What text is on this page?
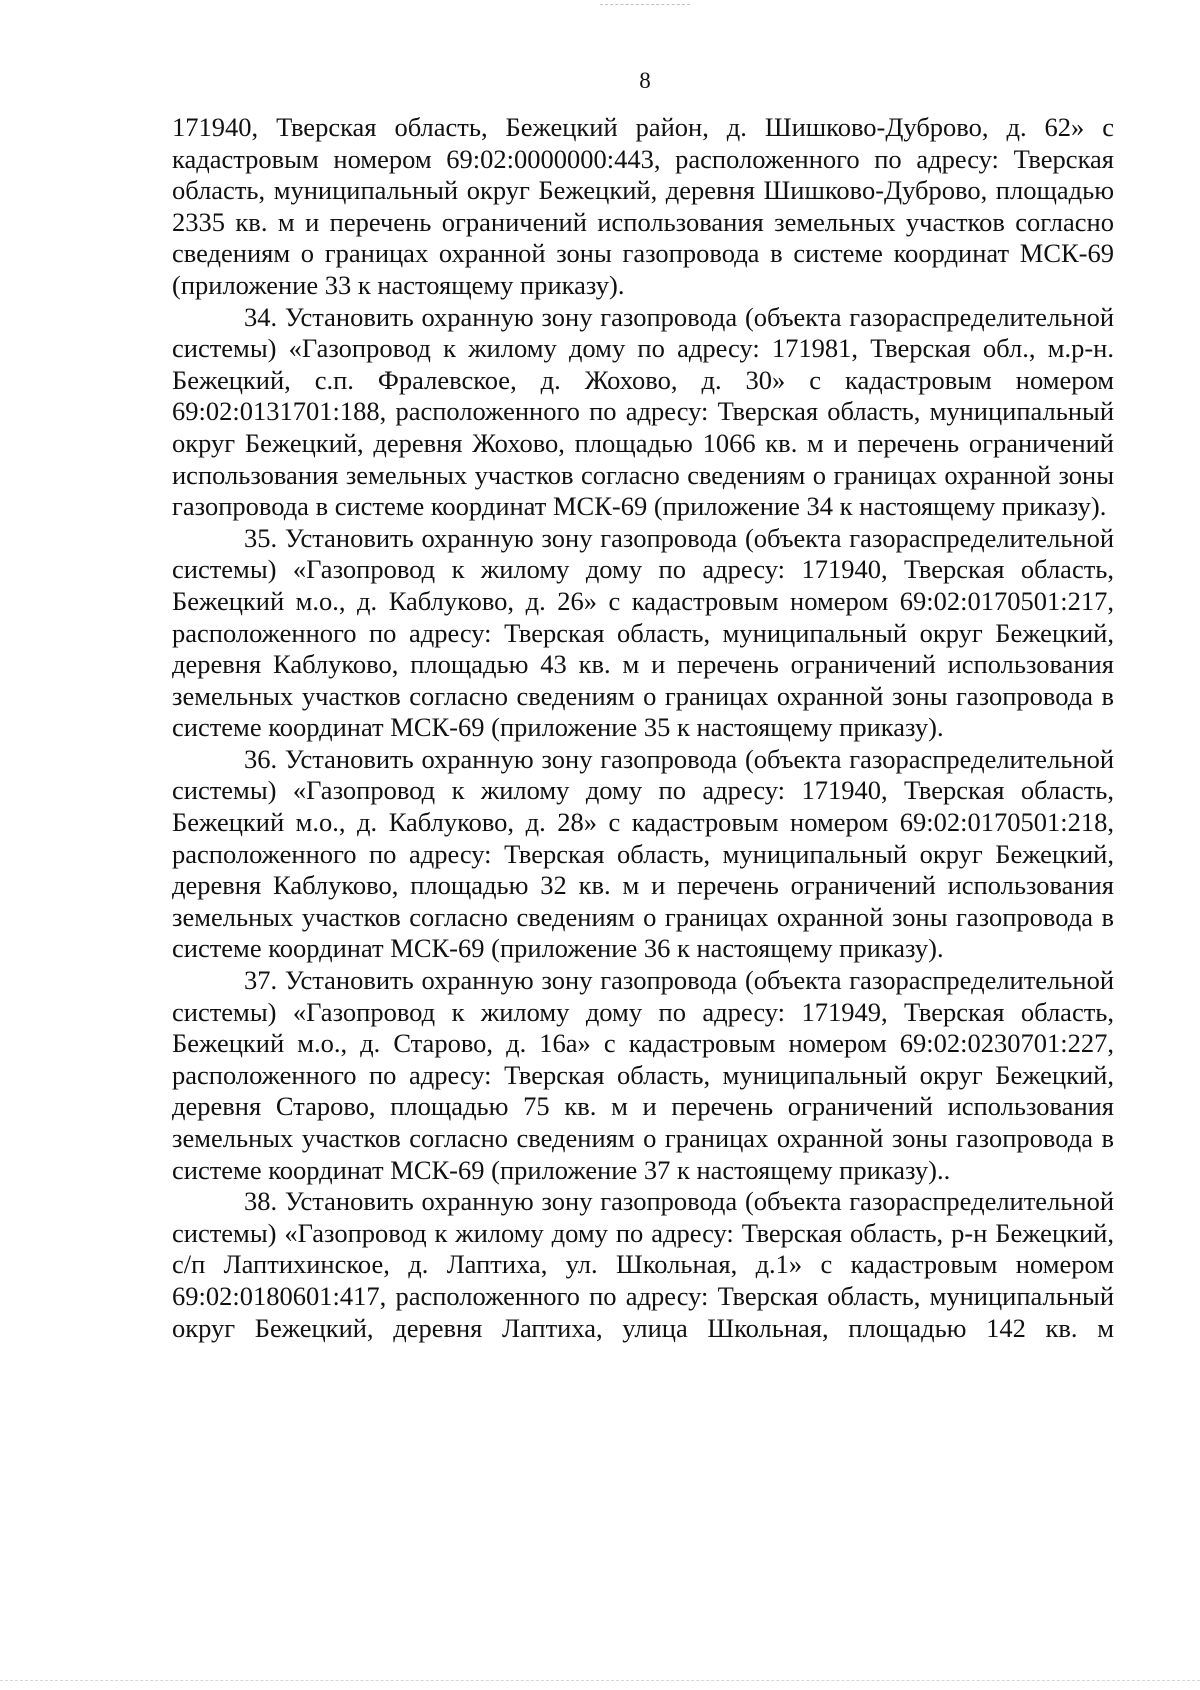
8

171940, Тверская область, Бежецкий район, д. Шишково-Дуброво, д. 62» с кадастровым номером 69:02:0000000:443, расположенного по адресу: Тверская область, муниципальный округ Бежецкий, деревня Шишково-Дуброво, площадью 2335 кв. м и перечень ограничений использования земельных участков согласно сведениям о границах охранной зоны газопровода в системе координат МСК-69 (приложение 33 к настоящему приказу).

34. Установить охранную зону газопровода (объекта газораспределительной системы) «Газопровод к жилому дому по адресу: 171981, Тверская обл., м.р-н. Бежецкий, с.п. Фралевское, д. Жохово, д. 30» с кадастровым номером 69:02:0131701:188, расположенного по адресу: Тверская область, муниципальный округ Бежецкий, деревня Жохово, площадью 1066 кв. м и перечень ограничений использования земельных участков согласно сведениям о границах охранной зоны газопровода в системе координат МСК-69 (приложение 34 к настоящему приказу).

35. Установить охранную зону газопровода (объекта газораспределительной системы) «Газопровод к жилому дому по адресу: 171940, Тверская область, Бежецкий м.о., д. Каблуково, д. 26» с кадастровым номером 69:02:0170501:217, расположенного по адресу: Тверская область, муниципальный округ Бежецкий, деревня Каблуково, площадью 43 кв. м и перечень ограничений использования земельных участков согласно сведениям о границах охранной зоны газопровода в системе координат МСК-69 (приложение 35 к настоящему приказу).

36. Установить охранную зону газопровода (объекта газораспределительной системы) «Газопровод к жилому дому по адресу: 171940, Тверская область, Бежецкий м.о., д. Каблуково, д. 28» с кадастровым номером 69:02:0170501:218, расположенного по адресу: Тверская область, муниципальный округ Бежецкий, деревня Каблуково, площадью 32 кв. м и перечень ограничений использования земельных участков согласно сведениям о границах охранной зоны газопровода в системе координат МСК-69 (приложение 36 к настоящему приказу).

37. Установить охранную зону газопровода (объекта газораспределительной системы) «Газопровод к жилому дому по адресу: 171949, Тверская область, Бежецкий м.о., д. Старово, д. 16а» с кадастровым номером 69:02:0230701:227, расположенного по адресу: Тверская область, муниципальный округ Бежецкий, деревня Старово, площадью 75 кв. м и перечень ограничений использования земельных участков согласно сведениям о границах охранной зоны газопровода в системе координат МСК-69 (приложение 37 к настоящему приказу)..

38. Установить охранную зону газопровода (объекта газораспределительной системы) «Газопровод к жилому дому по адресу: Тверская область, р-н Бежецкий, с/п Лаптихинское, д. Лаптиха, ул. Школьная, д.1» с кадастровым номером 69:02:0180601:417, расположенного по адресу: Тверская область, муниципальный округ Бежецкий, деревня Лаптиха, улица Школьная, площадью 142 кв. м
